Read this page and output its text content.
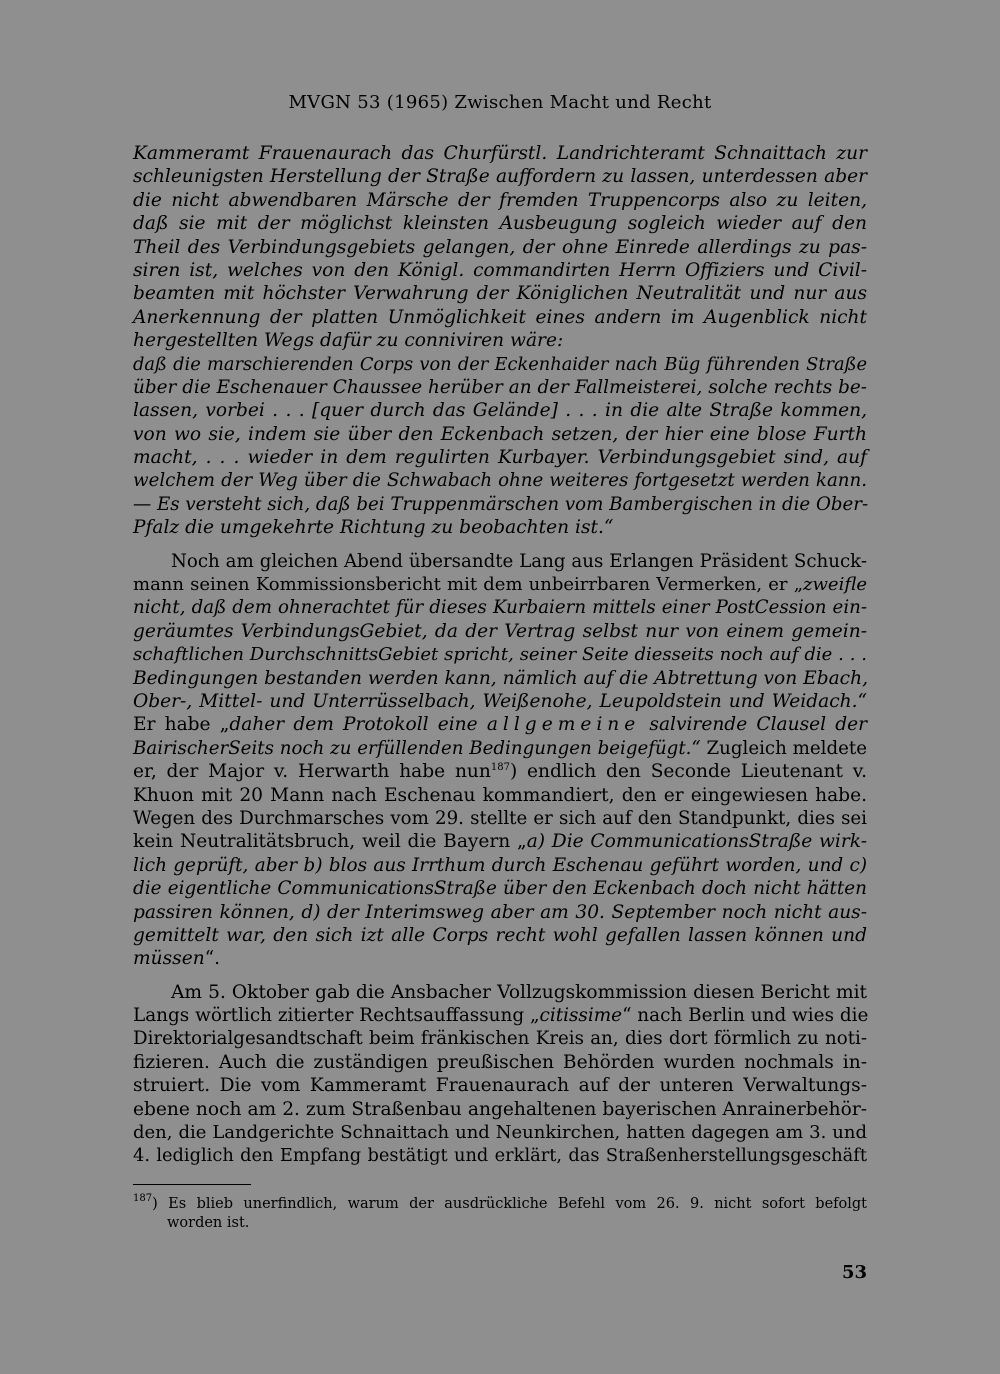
MVGN 53 (1965) Zwischen Macht und Recht
Kammeramt Frauenaurach das Churfürstl. Landrichteramt Schnaittach zur
schleunigsten Herstellung der Straße auffordern zu lassen, unterdessen aber
die nicht abwendbaren Märsche der fremden Truppencorps also zu leiten,
daß sie mit der möglichst kleinsten Ausbeugung sogleich wieder auf den
Theil des Verbindungsgebiets gelangen, der ohne Einrede allerdings zu pas-
siren ist, welches von den Königl. commandirten Herrn Offiziers und Civil-
beamten mit höchster Verwahrung der Königlichen Neutralität und nur aus
Anerkennung der platten Unmöglichkeit eines andern im Augenblick nicht
hergestellten Wegs dafür zu conniviren wäre:
daß die marschierenden Corps von der Eckenhaider nach Büg führenden Straße
über die Eschenauer Chaussee herüber an der Fallmeisterei, solche rechts be-
lassen, vorbei . . . [quer durch das Gelände] . . . in die alte Straße kommen,
von wo sie, indem sie über den Eckenbach setzen, der hier eine blose Furth
macht, . . . wieder in dem regulirten Kurbayer. Verbindungsgebiet sind, auf
welchem der Weg über die Schwabach ohne weiteres fortgesetzt werden kann.
— Es versteht sich, daß bei Truppenmärschen vom Bambergischen in die Ober-
Pfalz die umgekehrte Richtung zu beobachten ist.“
Noch am gleichen Abend übersandte Lang aus Erlangen Präsident Schuck-
mann seinen Kommissionsbericht mit dem unbeirrbaren Vermerken, er „zweifle
nicht, daß dem ohnerachtet für dieses Kurbaiern mittels einer PostCession ein-
geräumtes VerbindungsGebiet, da der Vertrag selbst nur von einem gemein-
schaftlichen DurchschnittsGebiet spricht, seiner Seite diesseits noch auf die . . .
Bedingungen bestanden werden kann, nämlich auf die Abtrettung von Ebach,
Ober-, Mittel- und Unterrüsselbach, Weißenohe, Leupoldstein und Weidach.“
Er habe „daher dem Protokoll eine allgemeine salvirende Clausel der
BairischerSeits noch zu erfüllenden Bedingungen beigefügt.“ Zugleich meldete
er, der Major v. Herwarth habe nun$^{187}$) endlich den Seconde Lieutenant v.
Khuon mit 20 Mann nach Eschenau kommandiert, den er eingewiesen habe.
Wegen des Durchmarsches vom 29. stellte er sich auf den Standpunkt, dies sei
kein Neutralitätsbruch, weil die Bayern „a) Die CommunicationsStraße wirk-
lich geprüft, aber b) blos aus Irrthum durch Eschenau geführt worden, und c)
die eigentliche CommunicationsStraße über den Eckenbach doch nicht hätten
passiren können, d) der Interimsweg aber am 30. September noch nicht aus-
gemittelt war, den sich izt alle Corps recht wohl gefallen lassen können und
müssen“.
Am 5. Oktober gab die Ansbacher Vollzugskommission diesen Bericht mit
Langs wörtlich zitierter Rechtsauffassung „citissime“ nach Berlin und wies die
Direktorialgesandtschaft beim fränkischen Kreis an, dies dort förmlich zu noti-
fizieren. Auch die zuständigen preußischen Behörden wurden nochmals in-
struiert. Die vom Kammeramt Frauenaurach auf der unteren Verwaltungs-
ebene noch am 2. zum Straßenbau angehaltenen bayerischen Anrainerbehör-
den, die Landgerichte Schnaittach und Neunkirchen, hatten dagegen am 3. und
4. lediglich den Empfang bestätigt und erklärt, das Straßenherstellungsgeschäft
$^{187}$) Es blieb unerfindlich, warum der ausdrückliche Befehl vom 26. 9. nicht sofort befolgt
worden ist.
53
